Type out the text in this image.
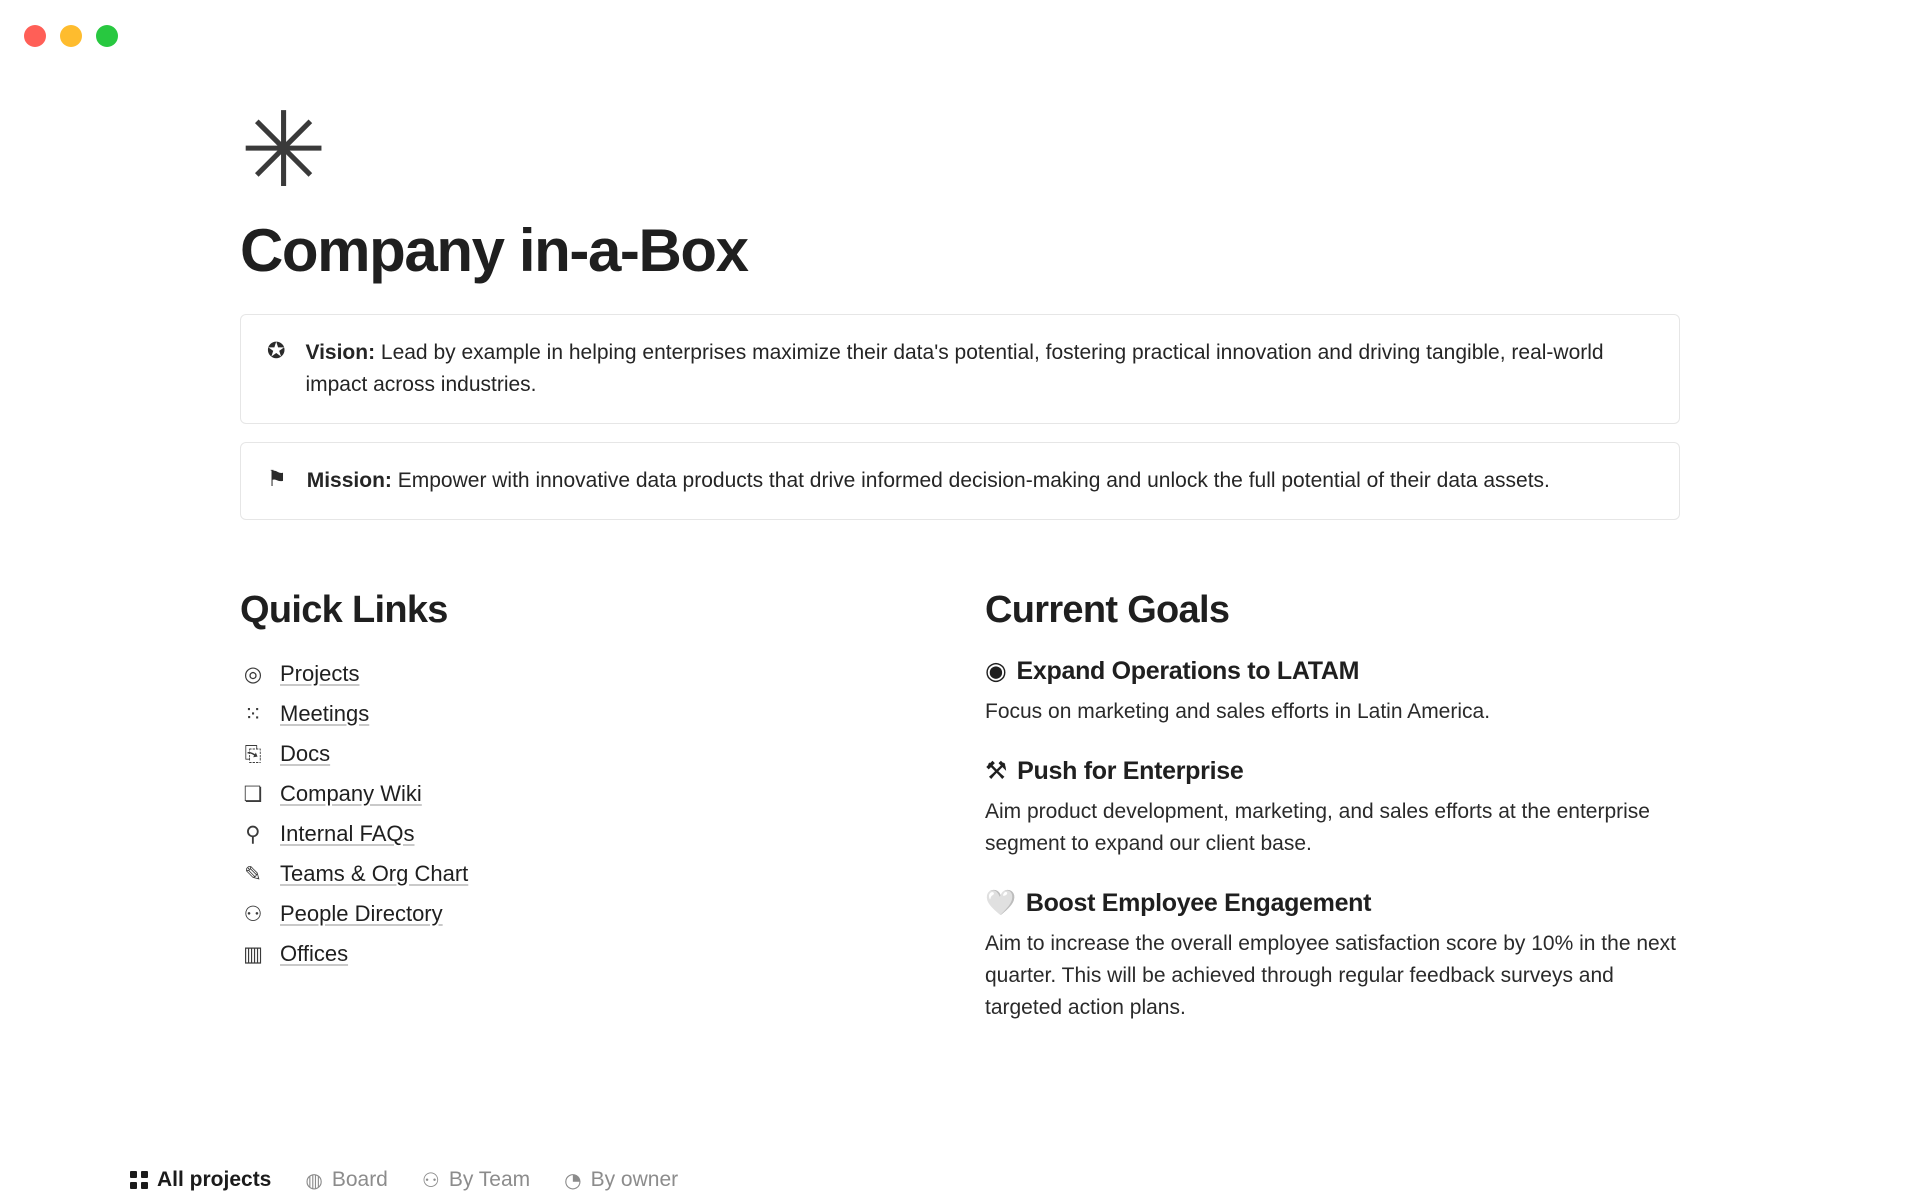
✳
Company in-a-Box
✪ Vision: Lead by example in helping enterprises maximize their data's potential, fostering practical innovation and driving tangible, real-world impact across industries.
⚑ Mission: Empower with innovative data products that drive informed decision-making and unlock the full potential of their data assets.
Quick Links
◎ Projects
⁙ Meetings
⎘ Docs
❏ Company Wiki
⚲ Internal FAQs
✎ Teams & Org Chart
⚇ People Directory
▥ Offices
Current Goals
◉ Expand Operations to LATAM
Focus on marketing and sales efforts in Latin America.
⚒ Push for Enterprise
Aim product development, marketing, and sales efforts at the enterprise segment to expand our client base.
🤍 Boost Employee Engagement
Aim to increase the overall employee satisfaction score by 10% in the next quarter. This will be achieved through regular feedback surveys and targeted action plans.
All projects ◍ Board ⚇ By Team ◔ By owner
